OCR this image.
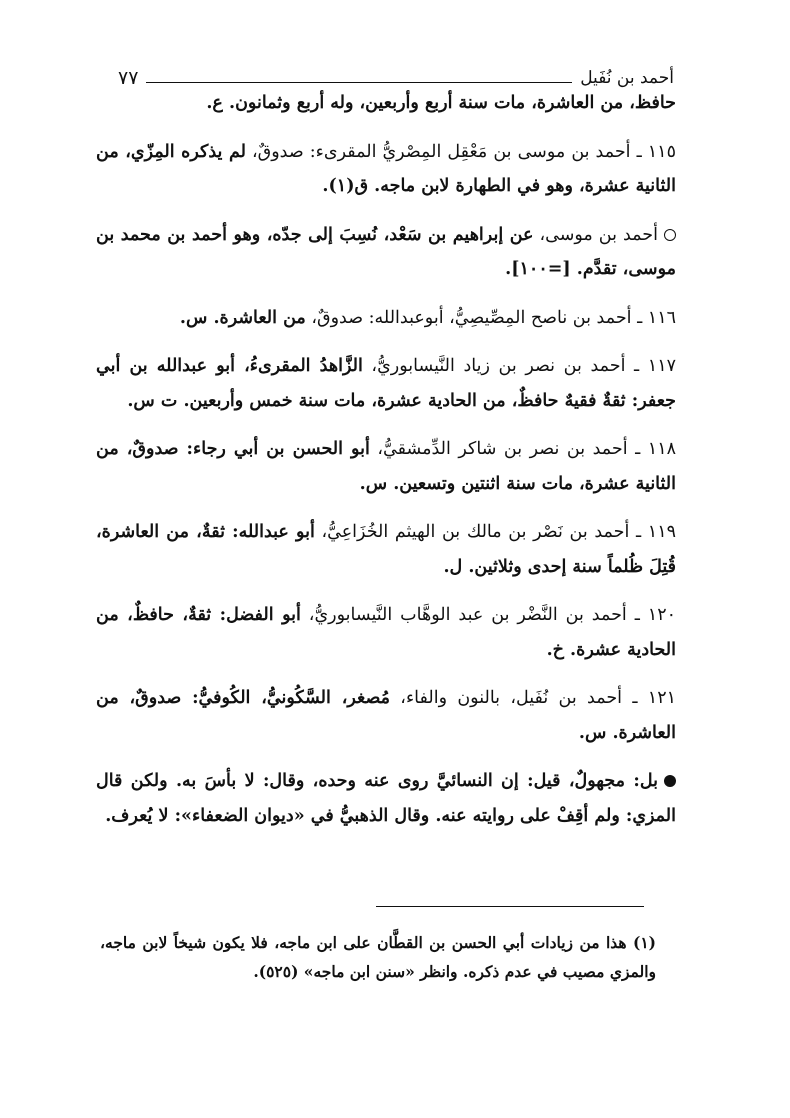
٧٧	أحمد بن نُفَيل

حافظ، من العاشرة، مات سنة أربع وأربعين، وله أربع وثمانون. ع.

١١٥ ـ أحمد بن موسى بن مَعْقِل المِصْريُّ المقرىء: صدوقٌ، لم يذكره المِزّي، من الثانية عشرة، وهو في الطهارة لابن ماجه. ق(١).

أحمد بن موسى، عن إبراهيم بن سَعْد، نُسِبَ إلى جدّه، وهو أحمد بن محمد بن موسى، تقدَّم. [=١٠٠].

١١٦ ـ أحمد بن ناصح المِصِّيصِيُّ، أبوعبدالله: صدوقٌ، من العاشرة. س.

١١٧ ـ أحمد بن نصر بن زياد النَّيسابوريُّ، الزَّاهدُ المقرىءُ، أبو عبدالله بن أبي جعفر: ثقةٌ فقيهٌ حافظٌ، من الحادية عشرة، مات سنة خمس وأربعين. ت س.

١١٨ ـ أحمد بن نصر بن شاكر الدِّمشقيُّ، أبو الحسن بن أبي رجاء: صدوقٌ، من الثانية عشرة، مات سنة اثنتين وتسعين. س.

١١٩ ـ أحمد بن نَصْر بن مالك بن الهيثم الخُزَاعِيُّ، أبو عبدالله: ثقةٌ، من العاشرة، قُتِلَ ظُلماً سنة إحدى وثلاثين. ل.

١٢٠ ـ أحمد بن النَّضْر بن عبد الوهَّاب النَّيسابوريُّ، أبو الفضل: ثقةٌ، حافظٌ، من الحادية عشرة. خ.

١٢١ ـ أحمد بن نُفَيل، بالنون والفاء، مُصغر، السَّكُونيُّ، الكُوفيُّ: صدوقٌ، من العاشرة. س.

بل: مجهولٌ، قيل: إن النسائيَّ روى عنه وحده، وقال: لا بأسَ به. ولكن قال المزي: ولم أقِفْ على روايته عنه. وقال الذهبيُّ في «ديوان الضعفاء»: لا يُعرف.

(١) هذا من زيادات أبي الحسن بن القطَّان على ابن ماجه، فلا يكون شيخاً لابن ماجه، والمزي مصيب في عدم ذكره. وانظر «سنن ابن ماجه» (٥٢٥).
